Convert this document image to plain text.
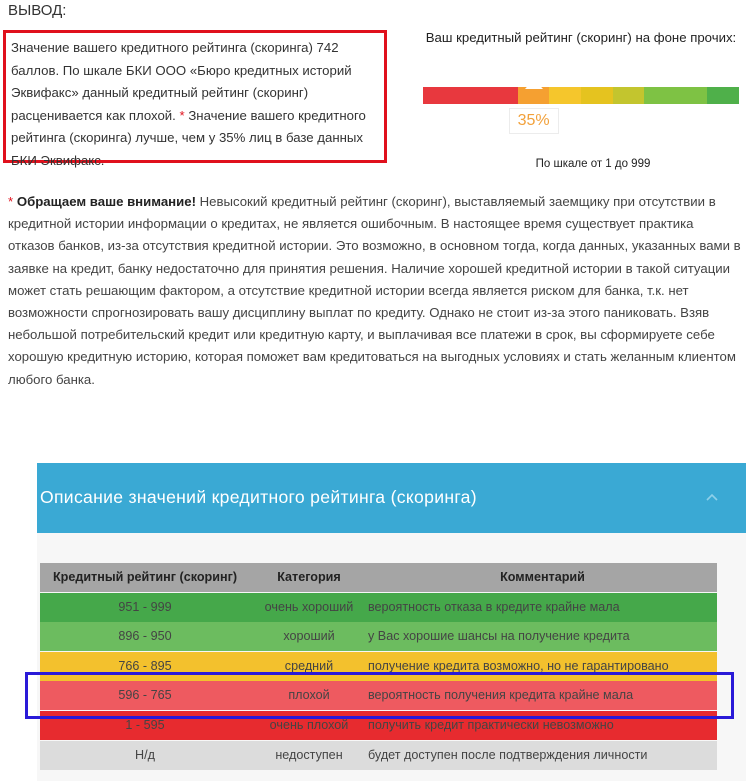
ВЫВОД:
Значение вашего кредитного рейтинга (скоринга) 742 баллов. По шкале БКИ ООО «Бюро кредитных историй Эквифакс» данный кредитный рейтинг (скоринг) расценивается как плохой. * Значение вашего кредитного рейтинга (скоринга) лучше, чем у 35% лиц в базе данных БКИ Эквифакс.
Ваш кредитный рейтинг (скоринг) на фоне прочих:
35%
По шкале от 1 до 999
* Обращаем ваше внимание! Невысокий кредитный рейтинг (скоринг), выставляемый заемщику при отсутствии в кредитной истории информации о кредитах, не является ошибочным. В настоящее время существует практика отказов банков, из-за отсутствия кредитной истории. Это возможно, в основном тогда, когда данных, указанных вами в заявке на кредит, банку недостаточно для принятия решения. Наличие хорошей кредитной истории в такой ситуации может стать решающим фактором, а отсутствие кредитной истории всегда является риском для банка, т.к. нет возможности спрогнозировать вашу дисциплину выплат по кредиту. Однако не стоит из-за этого паниковать. Взяв небольшой потребительский кредит или кредитную карту, и выплачивая все платежи в срок, вы сформируете себе хорошую кредитную историю, которая поможет вам кредитоваться на выгодных условиях и стать желанным клиентом любого банка.
Описание значений кредитного рейтинга (скоринга)
Кредитный рейтинг (скоринг)	Категория	Комментарий
951 - 999	очень хороший	вероятность отказа в кредите крайне мала
896 - 950	хороший	у Вас хорошие шансы на получение кредита
766 - 895	средний	получение кредита возможно, но не гарантировано
596 - 765	плохой	вероятность получения кредита крайне мала
1 - 595	очень плохой	получить кредит практически невозможно
Н/д	недоступен	будет доступен после подтверждения личности
